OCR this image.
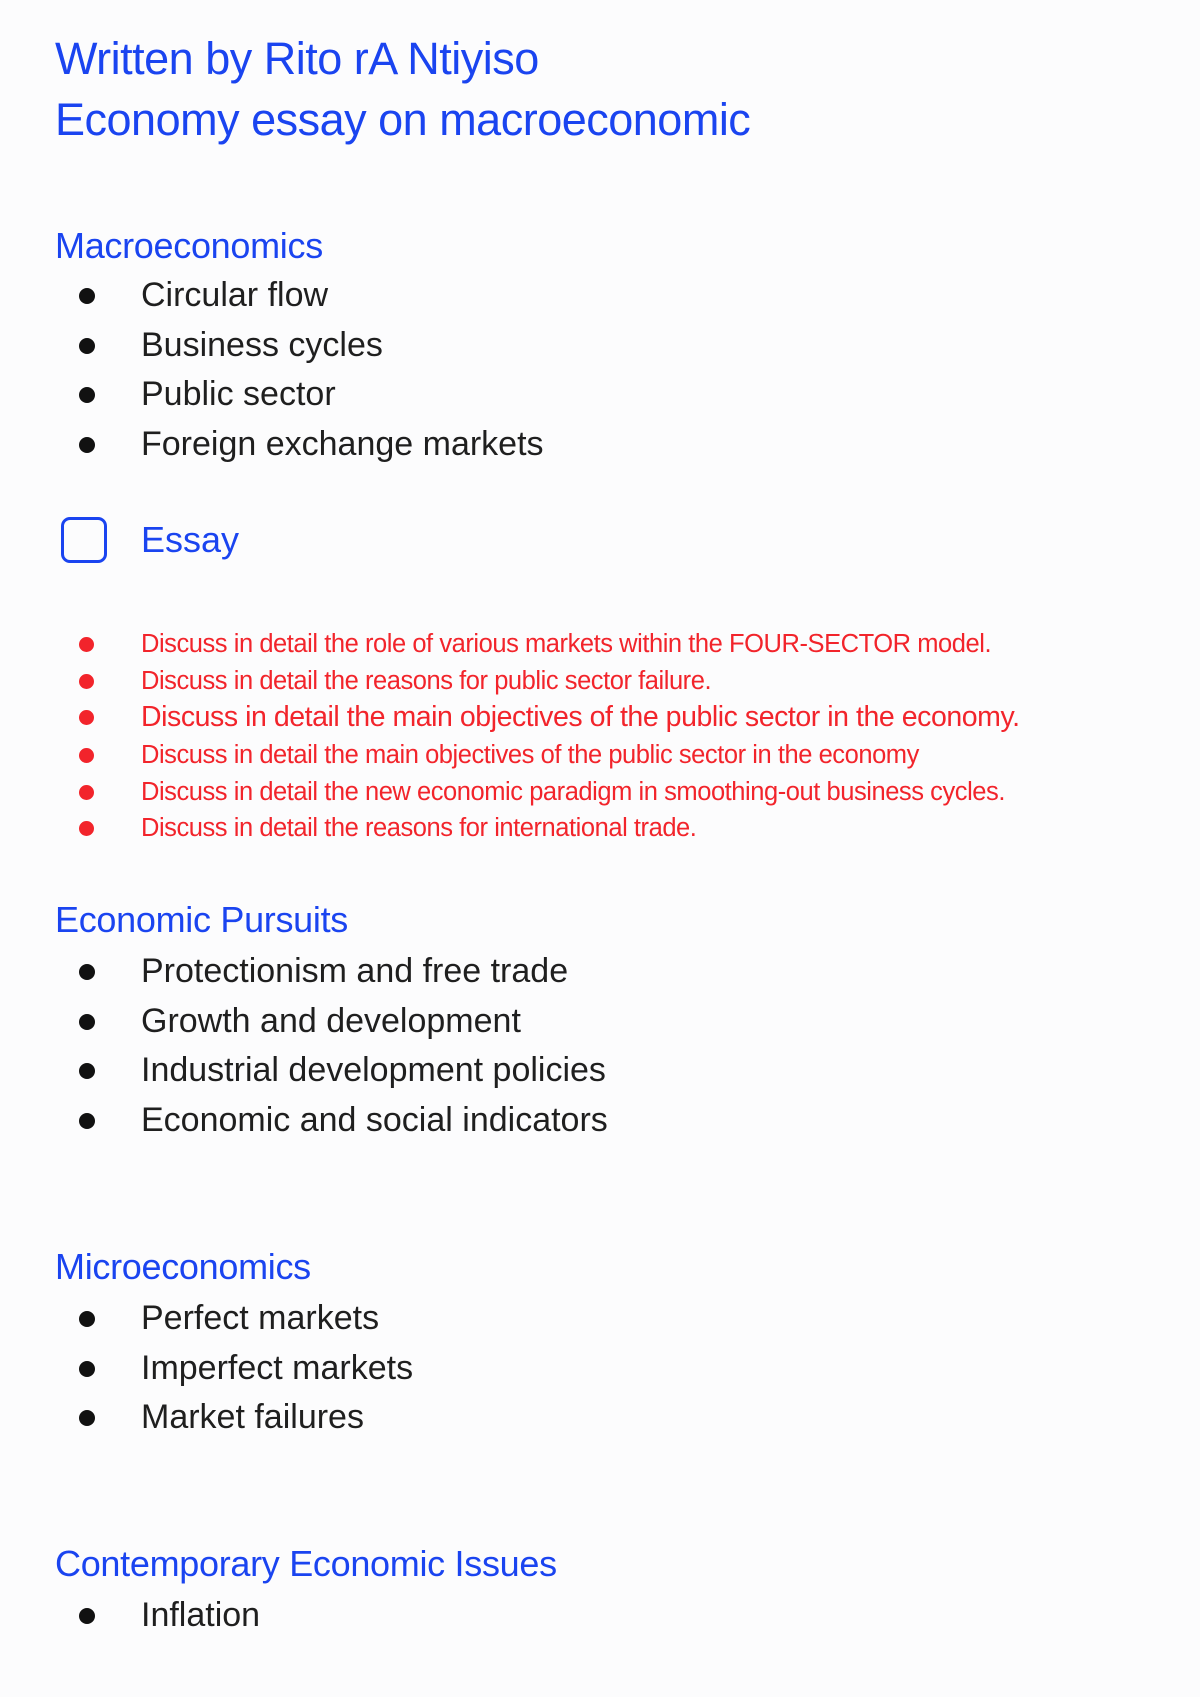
Written by Rito rA Ntiyiso
Economy essay on macroeconomic
Macroeconomics
Circular flow
Business cycles
Public sector
Foreign exchange markets
Essay
Discuss in detail the role of various markets within the FOUR-SECTOR model.
Discuss in detail the reasons for public sector failure.
Discuss in detail the main objectives of the public sector in the economy.
Discuss in detail the main objectives of the public sector in the economy
Discuss in detail the new economic paradigm in smoothing-out business cycles.
Discuss in detail the reasons for international trade.
Economic Pursuits
Protectionism and free trade
Growth and development
Industrial development policies
Economic and social indicators
Microeconomics
Perfect markets
Imperfect markets
Market failures
Contemporary Economic Issues
Inflation
